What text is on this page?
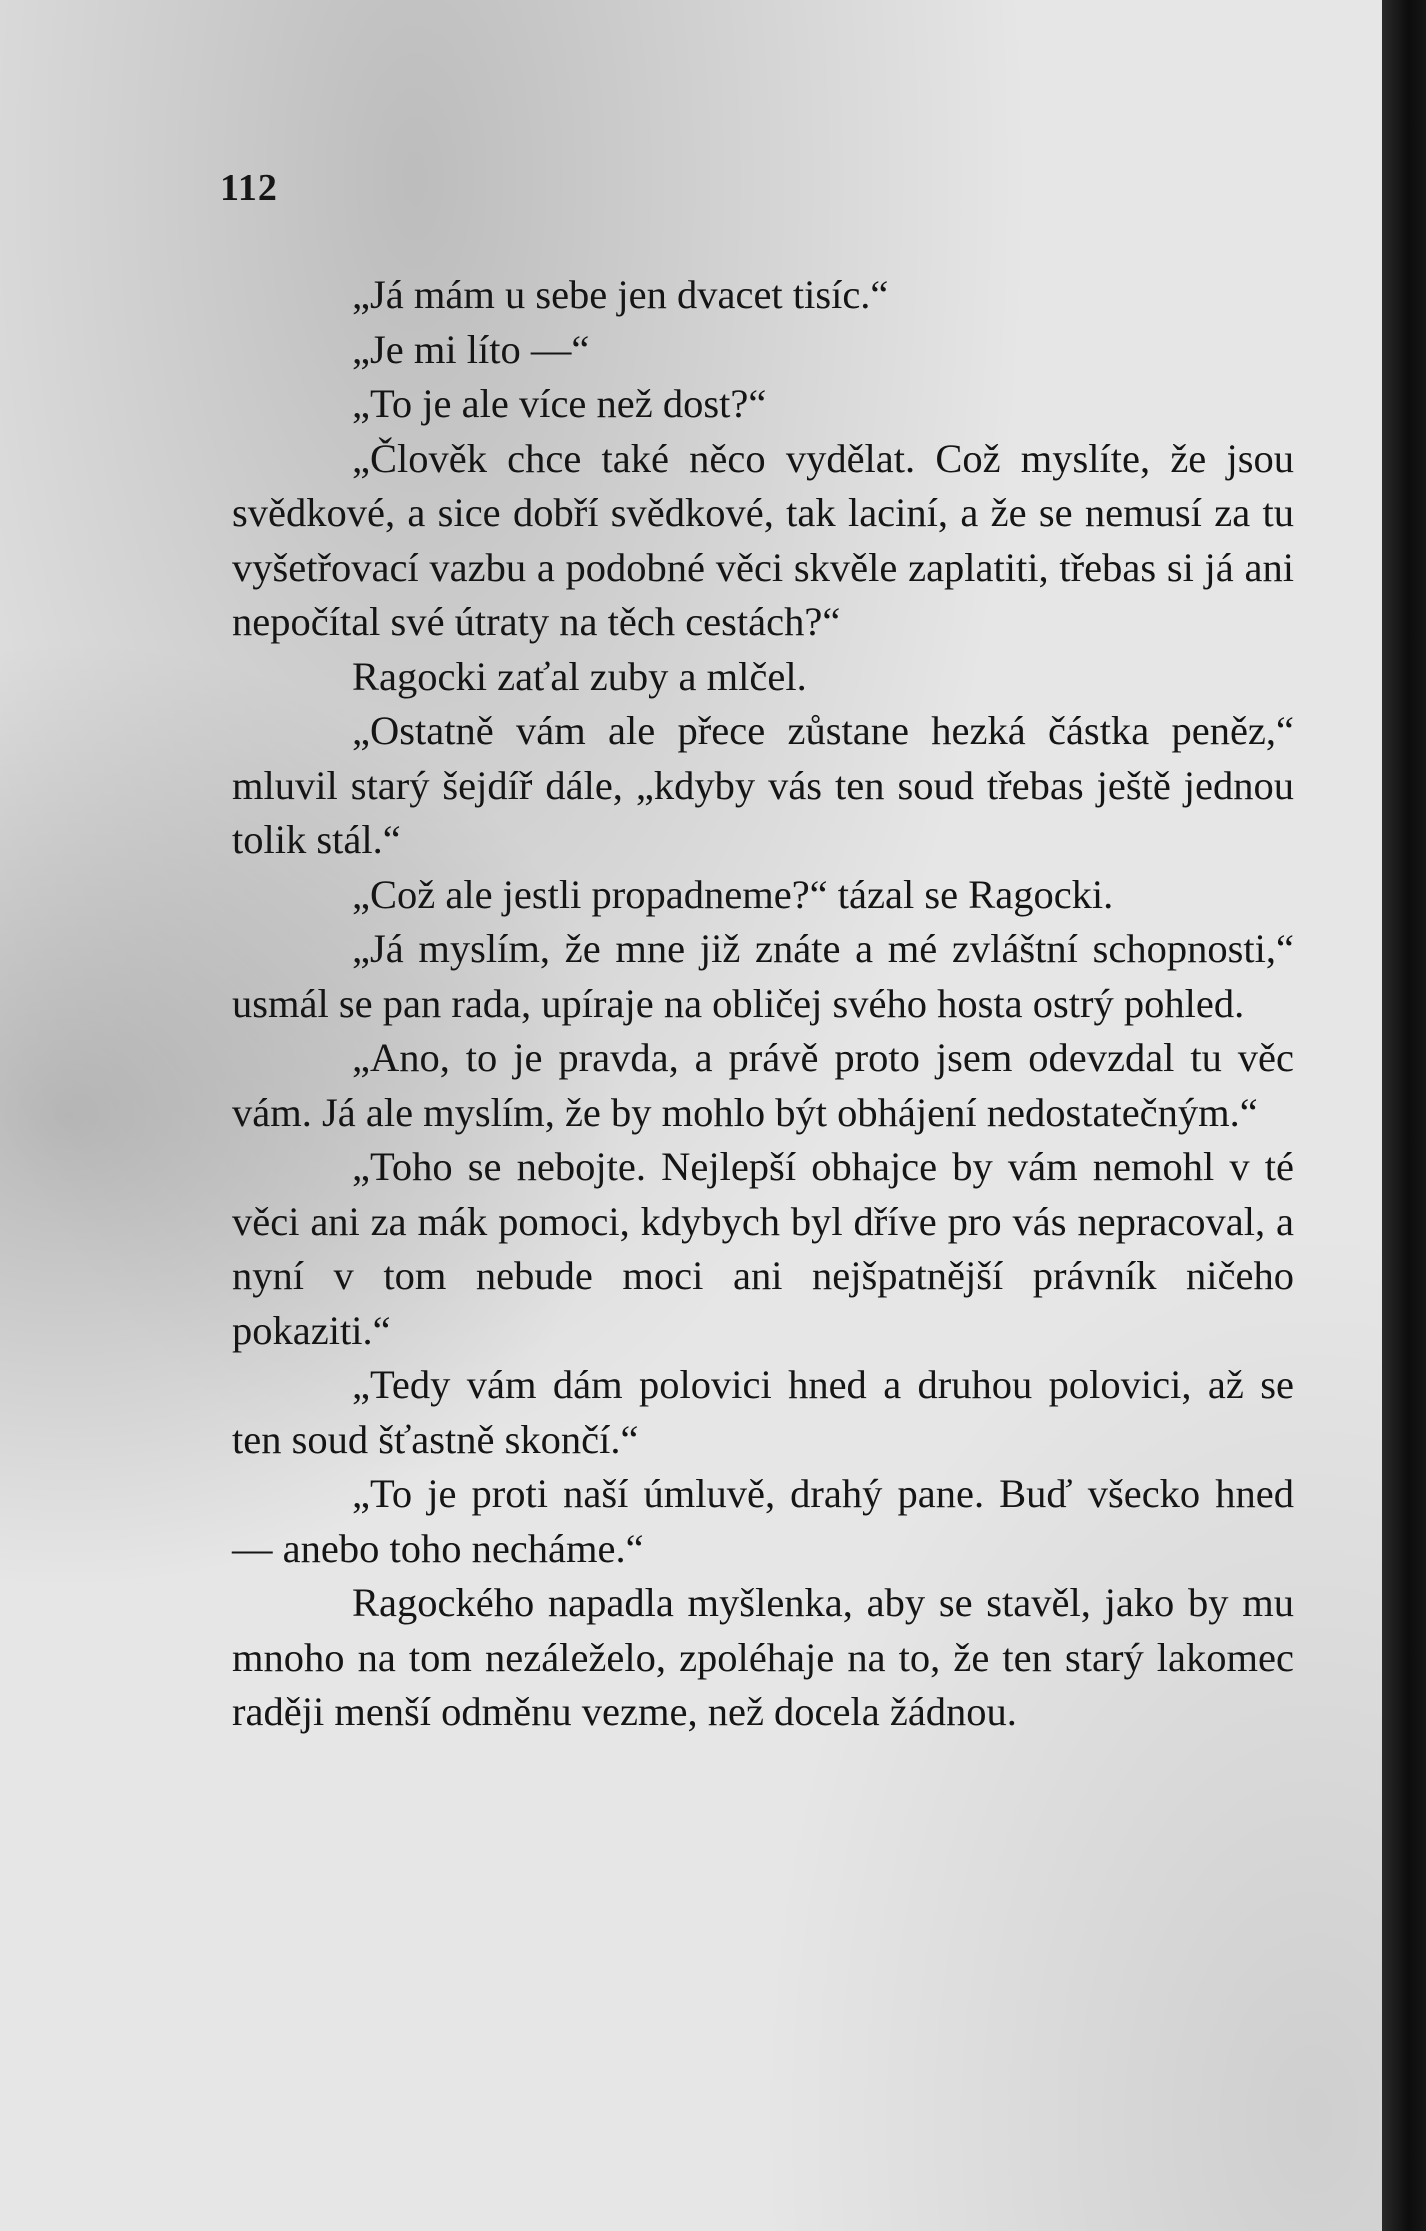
112

„Já mám u sebe jen dvacet tisíc.“

„Je mi líto —“

„To je ale více než dost?“

„Člověk chce také něco vydělat. Což myslíte, že jsou svědkové, a sice dobří svědkové, tak laciní, a že se nemusí za tu vyšetřovací vazbu a podobné věci skvěle zaplatiti, třebas si já ani nepočítal své útraty na těch cestách?“

Ragocki zaťal zuby a mlčel.

„Ostatně vám ale přece zůstane hezká částka peněz,“ mluvil starý šejdíř dále, „kdyby vás ten soud třebas ještě jednou tolik stál.“

„Což ale jestli propadneme?“ tázal se Ragocki.

„Já myslím, že mne již znáte a mé zvláštní schopnosti,“ usmál se pan rada, upíraje na obličej svého hosta ostrý pohled.

„Ano, to je pravda, a právě proto jsem odevzdal tu věc vám. Já ale myslím, že by mohlo být obhájení nedostatečným.“

„Toho se nebojte. Nejlepší obhajce by vám nemohl v té věci ani za mák pomoci, kdybych byl dříve pro vás nepracoval, a nyní v tom nebude moci ani nejšpatnější právník ničeho pokaziti.“

„Tedy vám dám polovici hned a druhou polovici, až se ten soud šťastně skončí.“

„To je proti naší úmluvě, drahý pane. Buď všecko hned — anebo toho necháme.“

Ragockého napadla myšlenka, aby se stavěl, jako by mu mnoho na tom nezáleželo, zpoléhaje na to, že ten starý lakomec raději menší odměnu vezme, než docela žádnou.
